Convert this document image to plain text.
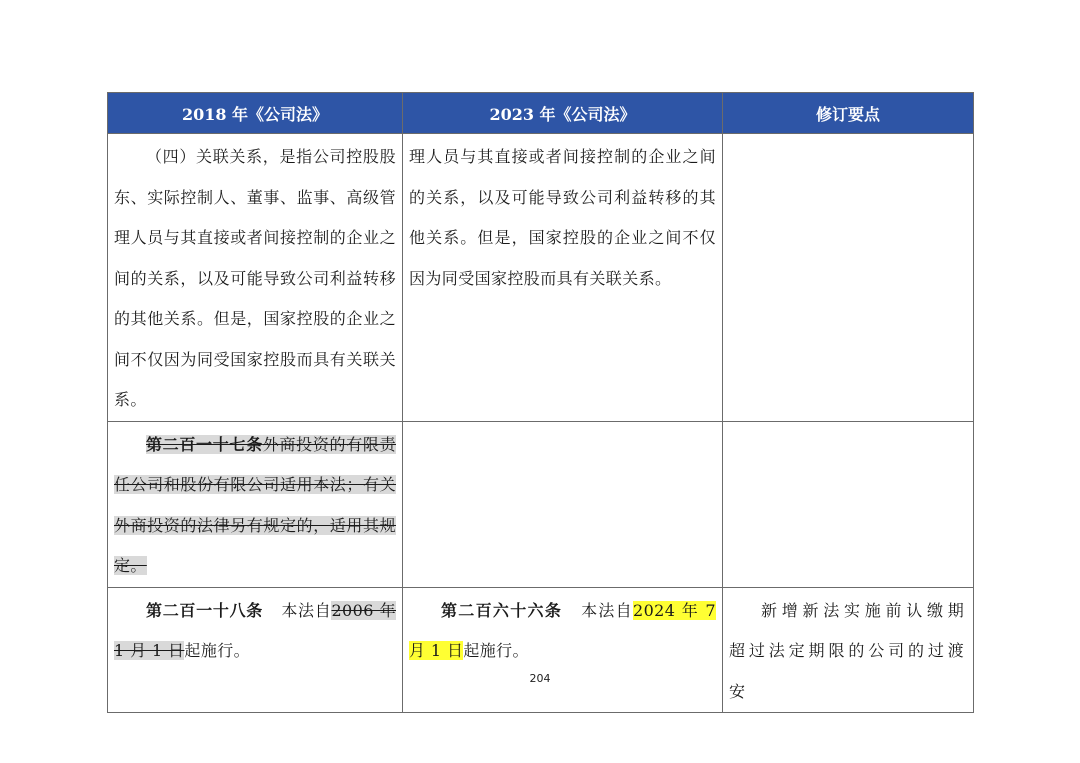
2018 年《公司法》	2023 年《公司法》	修订要点

（四）关联关系，是指公司控股股东、实际控制人、董事、监事、高级管理人员与其直接或者间接控制的企业之间的关系，以及可能导致公司利益转移的其他关系。但是，国家控股的企业之间不仅因为同受国家控股而具有关联关系。	理人员与其直接或者间接控制的企业之间的关系，以及可能导致公司利益转移的其他关系。但是，国家控股的企业之间不仅因为同受国家控股而具有关联关系。	

第二百一十七条外商投资的有限责任公司和股份有限公司适用本法；有关外商投资的法律另有规定的，适用其规定。		

第二百一十八条 本法自2006 年 1 月 1 日起施行。	第二百六十六条 本法自2024 年 7 月 1 日起施行。	新增新法实施前认缴期超过法定期限的公司的过渡安
204
